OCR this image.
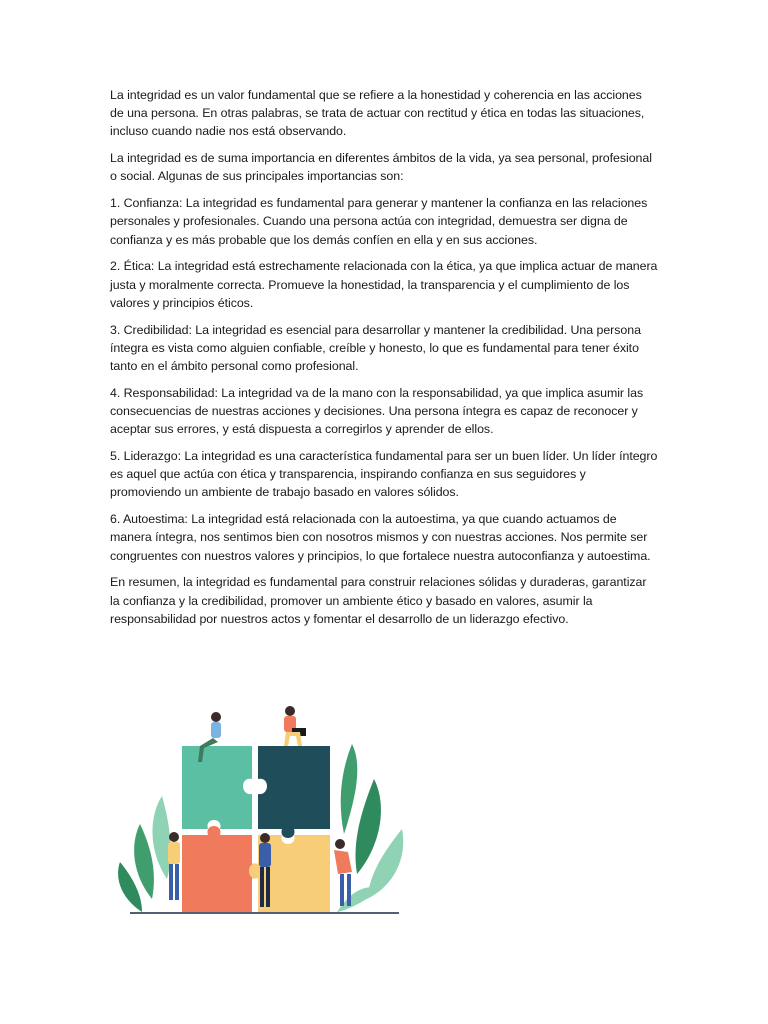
La integridad es un valor fundamental que se refiere a la honestidad y coherencia en las acciones de una persona. En otras palabras, se trata de actuar con rectitud y ética en todas las situaciones, incluso cuando nadie nos está observando.

La integridad es de suma importancia en diferentes ámbitos de la vida, ya sea personal, profesional o social. Algunas de sus principales importancias son:

1. Confianza: La integridad es fundamental para generar y mantener la confianza en las relaciones personales y profesionales. Cuando una persona actúa con integridad, demuestra ser digna de confianza y es más probable que los demás confíen en ella y en sus acciones.

2. Ética: La integridad está estrechamente relacionada con la ética, ya que implica actuar de manera justa y moralmente correcta. Promueve la honestidad, la transparencia y el cumplimiento de los valores y principios éticos.

3. Credibilidad: La integridad es esencial para desarrollar y mantener la credibilidad. Una persona íntegra es vista como alguien confiable, creíble y honesto, lo que es fundamental para tener éxito tanto en el ámbito personal como profesional.

4. Responsabilidad: La integridad va de la mano con la responsabilidad, ya que implica asumir las consecuencias de nuestras acciones y decisiones. Una persona íntegra es capaz de reconocer y aceptar sus errores, y está dispuesta a corregirlos y aprender de ellos.

5. Liderazgo: La integridad es una característica fundamental para ser un buen líder. Un líder íntegro es aquel que actúa con ética y transparencia, inspirando confianza en sus seguidores y promoviendo un ambiente de trabajo basado en valores sólidos.

6. Autoestima: La integridad está relacionada con la autoestima, ya que cuando actuamos de manera íntegra, nos sentimos bien con nosotros mismos y con nuestras acciones. Nos permite ser congruentes con nuestros valores y principios, lo que fortalece nuestra autoconfianza y autoestima.

En resumen, la integridad es fundamental para construir relaciones sólidas y duraderas, garantizar la confianza y la credibilidad, promover un ambiente ético y basado en valores, asumir la responsabilidad por nuestros actos y fomentar el desarrollo de un liderazgo efectivo.
